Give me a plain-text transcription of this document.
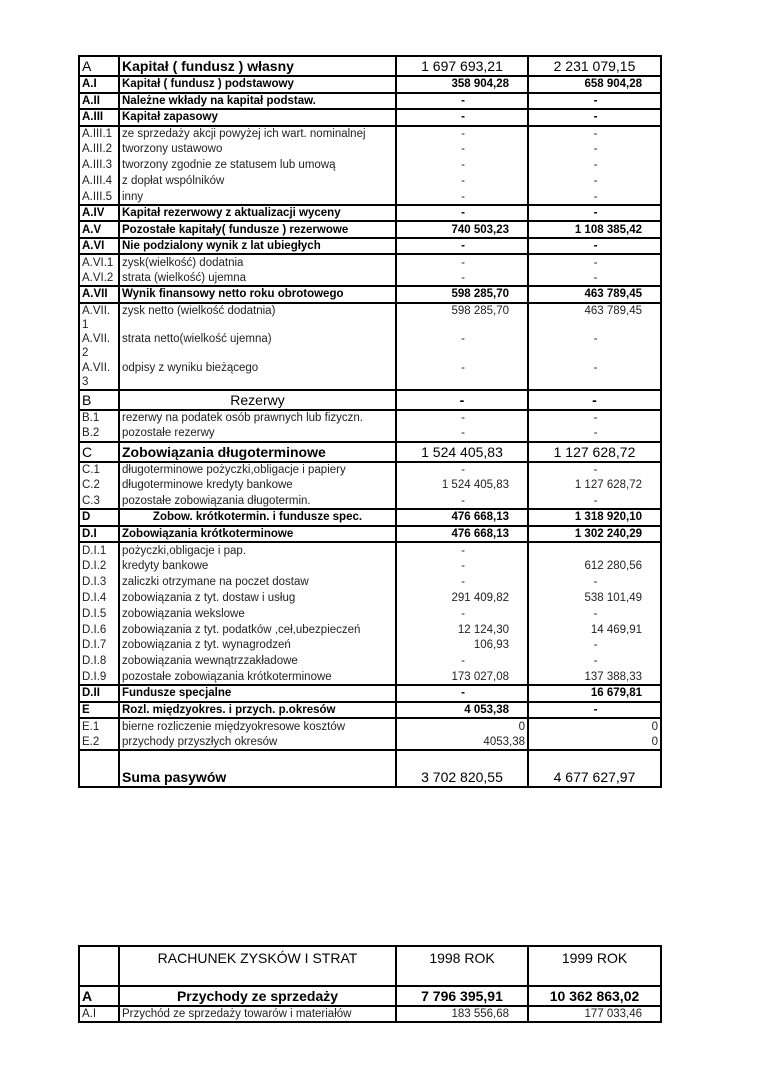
A	Kapitał ( fundusz ) własny	1 697 693,21	2 231 079,15
A.I	Kapitał ( fundusz ) podstawowy	358 904,28	658 904,28
A.II	Należne wkłady na kapitał podstaw.	-	-
A.III	Kapitał zapasowy	-	-
A.III.1	ze sprzedaży akcji powyżej ich wart. nominalnej	-	-
A.III.2	tworzony ustawowo	-	-
A.III.3	tworzony zgodnie ze statusem lub umową	-	-
A.III.4	z dopłat wspólników	-	-
A.III.5	inny	-	-
A.IV	Kapitał rezerwowy z aktualizacji wyceny	-	-
A.V	Pozostałe kapitały( fundusze ) rezerwowe	740 503,23	1 108 385,42
A.VI	Nie podzialony wynik z lat ubiegłych	-	-
A.VI.1	zysk(wielkość) dodatnia	-	-
A.VI.2	strata (wielkość) ujemna	-	-
A.VII	Wynik finansowy netto roku obrotowego	598 285,70	463 789,45
A.VII.1	zysk netto (wielkość dodatnia)	598 285,70	463 789,45
A.VII.2	strata netto(wielkość ujemna)	-	-
A.VII.3	odpisy z wyniku bieżącego	-	-
B	Rezerwy	-	-
B.1	rezerwy na podatek osób prawnych lub fizyczn.	-	-
B.2	pozostałe rezerwy	-	-
C	Zobowiązania długoterminowe	1 524 405,83	1 127 628,72
C.1	długoterminowe pożyczki,obligacje i papiery	-	-
C.2	długoterminowe kredyty bankowe	1 524 405,83	1 127 628,72
C.3	pozostałe zobowiązania długotermin.	-	-
D	Zobow. krótkotermin. i fundusze spec.	476 668,13	1 318 920,10
D.I	Zobowiązania krótkoterminowe	476 668,13	1 302 240,29
D.I.1	pożyczki,obligacje i pap.	-	
D.I.2	kredyty bankowe	-	612 280,56
D.I.3	zaliczki otrzymane na poczet dostaw	-	-
D.I.4	zobowiązania z tyt. dostaw i usług	291 409,82	538 101,49
D.I.5	zobowiązania wekslowe	-	-
D.I.6	zobowiązania z tyt. podatków ,ceł,ubezpieczeń	12 124,30	14 469,91
D.I.7	zobowiązania z tyt. wynagrodzeń	106,93	-
D.I.8	zobowiązania wewnątrzzakładowe	-	-
D.I.9	pozostałe zobowiązania krótkoterminowe	173 027,08	137 388,33
D.II	Fundusze specjalne	-	16 679,81
E	Rozl. międzyokres. i przych. p.okresów	4 053,38	-
E.1	bierne rozliczenie międzyokresowe kosztów	0	0
E.2	przychody przyszłych okresów	4053,38	0
	Suma pasywów	3 702 820,55	4 677 627,97
	RACHUNEK ZYSKÓW I STRAT	1998 ROK	1999 ROK
A	Przychody ze sprzedaży	7 796 395,91	10 362 863,02
A.I	Przychód ze sprzedaży towarów i materiałów	183 556,68	177 033,46
